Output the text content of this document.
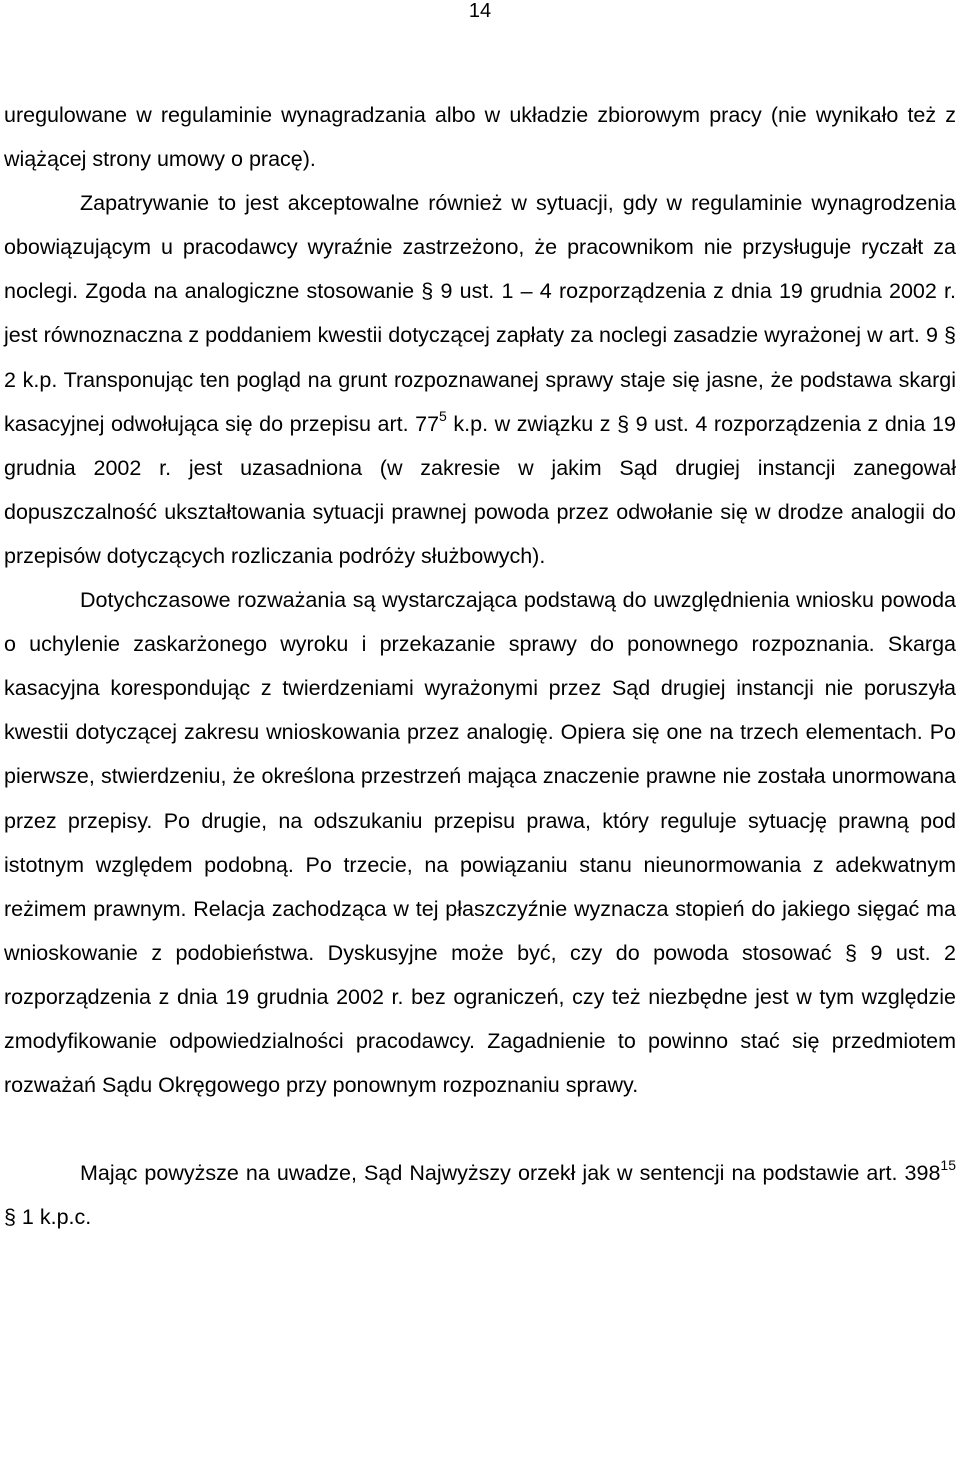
14

uregulowane w regulaminie wynagradzania albo w układzie zbiorowym pracy (nie wynikało też z wiążącej strony umowy o pracę).

Zapatrywanie to jest akceptowalne również w sytuacji, gdy w regulaminie wynagrodzenia obowiązującym u pracodawcy wyraźnie zastrzeżono, że pracownikom nie przysługuje ryczałt za noclegi. Zgoda na analogiczne stosowanie § 9 ust. 1 – 4 rozporządzenia z dnia 19 grudnia 2002 r. jest równoznaczna z poddaniem kwestii dotyczącej zapłaty za noclegi zasadzie wyrażonej w art. 9 § 2 k.p. Transponując ten pogląd na grunt rozpoznawanej sprawy staje się jasne, że podstawa skargi kasacyjnej odwołująca się do przepisu art. $77^5$ k.p. w związku z § 9 ust. 4 rozporządzenia z dnia 19 grudnia 2002 r. jest uzasadniona (w zakresie w jakim Sąd drugiej instancji zanegował dopuszczalność ukształtowania sytuacji prawnej powoda przez odwołanie się w drodze analogii do przepisów dotyczących rozliczania podróży służbowych).

Dotychczasowe rozważania są wystarczająca podstawą do uwzględnienia wniosku powoda o uchylenie zaskarżonego wyroku i przekazanie sprawy do ponownego rozpoznania. Skarga kasacyjna korespondując z twierdzeniami wyrażonymi przez Sąd drugiej instancji nie poruszyła kwestii dotyczącej zakresu wnioskowania przez analogię. Opiera się one na trzech elementach. Po pierwsze, stwierdzeniu, że określona przestrzeń mająca znaczenie prawne nie została unormowana przez przepisy. Po drugie, na odszukaniu przepisu prawa, który reguluje sytuację prawną pod istotnym względem podobną. Po trzecie, na powiązaniu stanu nieunormowania z adekwatnym reżimem prawnym. Relacja zachodząca w tej płaszczyźnie wyznacza stopień do jakiego sięgać ma wnioskowanie z podobieństwa. Dyskusyjne może być, czy do powoda stosować § 9 ust. 2 rozporządzenia z dnia 19 grudnia 2002 r. bez ograniczeń, czy też niezbędne jest w tym względzie zmodyfikowanie odpowiedzialności pracodawcy. Zagadnienie to powinno stać się przedmiotem rozważań Sądu Okręgowego przy ponownym rozpoznaniu sprawy.

Mając powyższe na uwadze, Sąd Najwyższy orzekł jak w sentencji na podstawie art. $398^{15}$ § 1 k.p.c.
